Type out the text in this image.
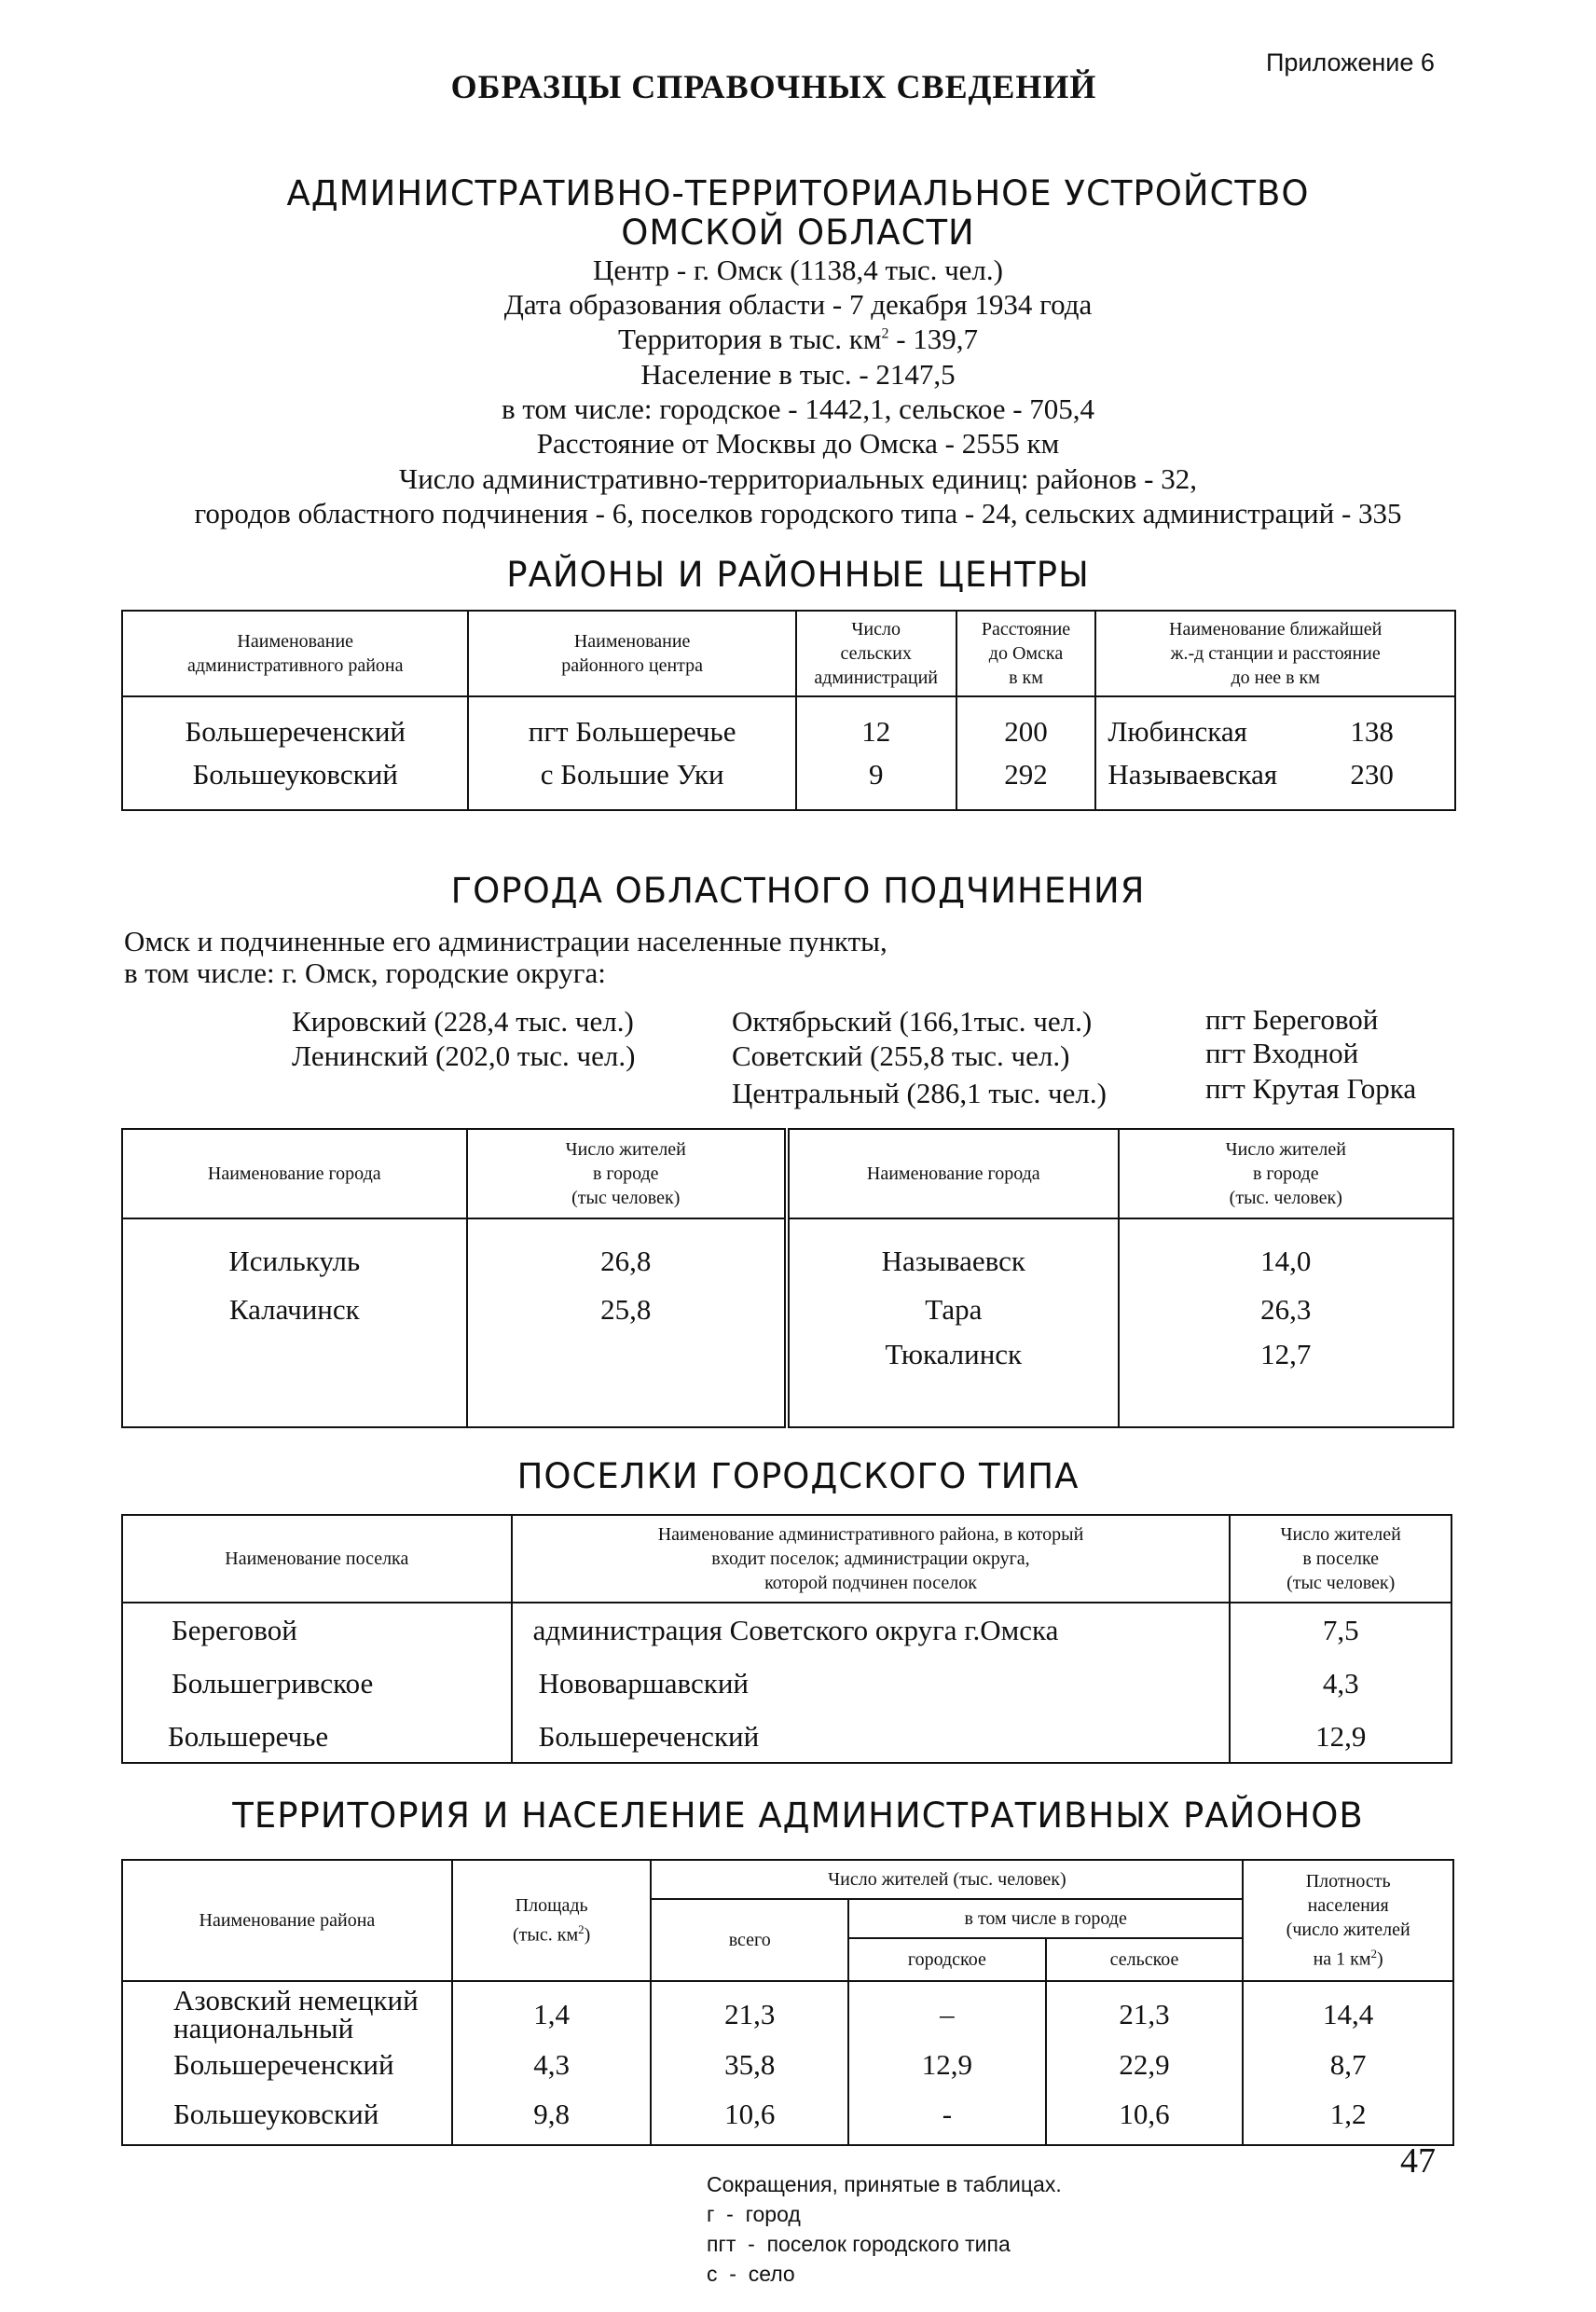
Приложение 6
ОБРАЗЦЫ СПРАВОЧНЫХ СВЕДЕНИЙ
АДМИНИСТРАТИВНО-ТЕРРИТОРИАЛЬНОЕ УСТРОЙСТВО
ОМСКОЙ ОБЛАСТИ
Центр - г. Омск (1138,4 тыс. чел.)
Дата образования области - 7 декабря 1934 года
Территория в тыс. $км^2 - 139,7$
Население в тыс. - 2147,5
в том числе: городское - 1442,1, сельское - 705,4
Расстояние от Москвы до Омска - 2555 км
Число административно-территориальных единиц: районов - 32,
городов областного подчинения - 6, поселков городского типа - 24, сельских администраций - 335
РАЙОНЫ И РАЙОННЫЕ ЦЕНТРЫ
Наименование
административного района	Наименование
районного центра	Число
сельских
администраций	Расстояние
до Омска
в км	Наименование ближайшей
ж.-д станции и расстояние
до нее в км
Большереченский	пгт Большеречье	12	200	Любинская 138
Большеуковский	с Большие Уки	9	292	Называевская 230
ГОРОДА ОБЛАСТНОГО ПОДЧИНЕНИЯ
Омск и подчиненные его администрации населенные пункты,
в том числе: г. Омск, городские округа:
Кировский (228,4 тыс. чел.)
Ленинский (202,0 тыс. чел.)
Октябрьский (166,1тыс. чел.)
Советский (255,8 тыс. чел.)
Центральный (286,1 тыс. чел.)
пгт Береговой
пгт Входной
пгт Крутая Горка
Наименование города	Число жителей
в городе
(тыс человек)	Наименование города	Число жителей
в городе
(тыс. человек)
Исилькуль	26,8	Называевск	14,0
Калачинск	25,8	Тара	26,3
		Тюкалинск	12,7
ПОСЕЛКИ ГОРОДСКОГО ТИПА
Наименование поселка	Наименование административного района, в который
входит поселок; администрации округа,
которой подчинен поселок	Число жителей
в поселке
(тыс человек)
Береговой	администрация Советского округа г.Омска	7,5
Большегривское	Нововаршавский	4,3
Большеречье	Большереченский	12,9
ТЕРРИТОРИЯ И НАСЕЛЕНИЕ АДМИНИСТРАТИВНЫХ РАЙОНОВ
Наименование района	Площадь
(тыс. $км^2$)	Число жителей (тыс. человек)			Плотность
населения
(число жителей
на 1 $км^2$)
		всего	в том числе в городе		
			городское	сельское	
Азовский немецкий
национальный	1,4	21,3	–	21,3	14,4
Большереченский	4,3	35,8	12,9	22,9	8,7
Большеуковский	9,8	10,6	-	10,6	1,2
47
Сокращения, принятые в таблицах.
г  -  город
пгт  -  поселок городского типа
с  -  село
